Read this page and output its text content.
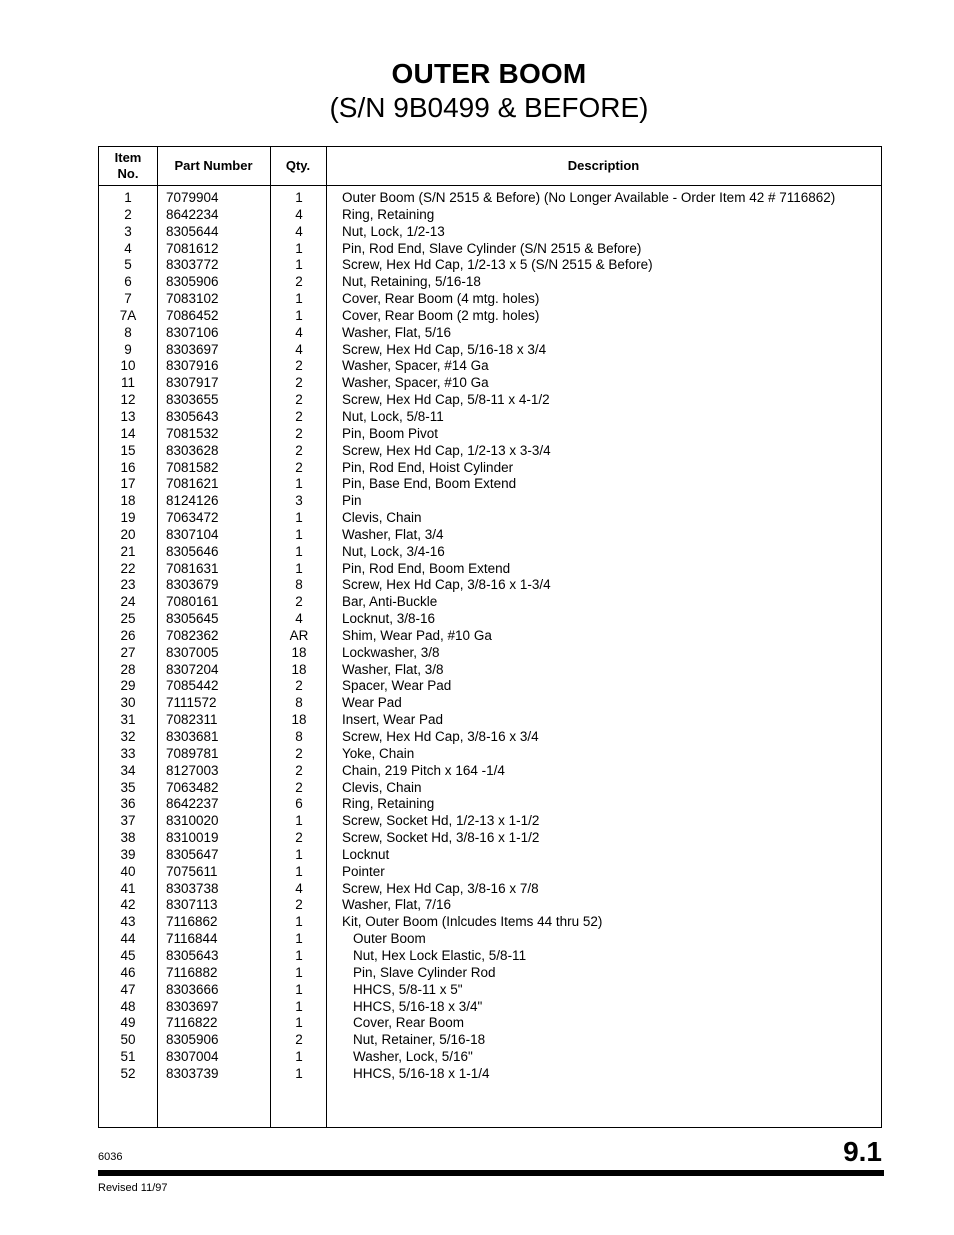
OUTER BOOM
(S/N 9B0499 & BEFORE)
Item
No.
Part Number	Qty.	Description
1	7079904	1	Outer Boom (S/N 2515 & Before) (No Longer Available - Order Item 42 # 7116862)
2	8642234	4	Ring, Retaining
3	8305644	4	Nut, Lock, 1/2-13
4	7081612	1	Pin, Rod End, Slave Cylinder (S/N 2515 & Before)
5	8303772	1	Screw, Hex Hd Cap, 1/2-13 x 5 (S/N 2515 & Before)
6	8305906	2	Nut, Retaining, 5/16-18
7	7083102	1	Cover, Rear Boom (4 mtg. holes)
7A	7086452	1	Cover, Rear Boom (2 mtg. holes)
8	8307106	4	Washer, Flat, 5/16
9	8303697	4	Screw, Hex Hd Cap, 5/16-18 x 3/4
10	8307916	2	Washer, Spacer, #14 Ga
11	8307917	2	Washer, Spacer, #10 Ga
12	8303655	2	Screw, Hex Hd Cap, 5/8-11 x 4-1/2
13	8305643	2	Nut, Lock, 5/8-11
14	7081532	2	Pin, Boom Pivot
15	8303628	2	Screw, Hex Hd Cap, 1/2-13 x 3-3/4
16	7081582	2	Pin, Rod End, Hoist Cylinder
17	7081621	1	Pin, Base End, Boom Extend
18	8124126	3	Pin
19	7063472	1	Clevis, Chain
20	8307104	1	Washer, Flat, 3/4
21	8305646	1	Nut, Lock, 3/4-16
22	7081631	1	Pin, Rod End, Boom Extend
23	8303679	8	Screw, Hex Hd Cap, 3/8-16 x 1-3/4
24	7080161	2	Bar, Anti-Buckle
25	8305645	4	Locknut, 3/8-16
26	7082362	AR	Shim, Wear Pad, #10 Ga
27	8307005	18	Lockwasher, 3/8
28	8307204	18	Washer, Flat, 3/8
29	7085442	2	Spacer, Wear Pad
30	7111572	8	Wear Pad
31	7082311	18	Insert, Wear Pad
32	8303681	8	Screw, Hex Hd Cap, 3/8-16 x 3/4
33	7089781	2	Yoke, Chain
34	8127003	2	Chain, 219 Pitch x 164 -1/4
35	7063482	2	Clevis, Chain
36	8642237	6	Ring, Retaining
37	8310020	1	Screw, Socket Hd, 1/2-13 x 1-1/2
38	8310019	2	Screw, Socket Hd, 3/8-16 x 1-1/2
39	8305647	1	Locknut
40	7075611	1	Pointer
41	8303738	4	Screw, Hex Hd Cap, 3/8-16 x 7/8
42	8307113	2	Washer, Flat, 7/16
43	7116862	1	Kit, Outer Boom (Inlcudes Items 44 thru 52)
44	7116844	1	Outer Boom
45	8305643	1	Nut, Hex Lock Elastic, 5/8-11
46	7116882	1	Pin, Slave Cylinder Rod
47	8303666	1	HHCS, 5/8-11 x 5"
48	8303697	1	HHCS, 5/16-18 x 3/4"
49	7116822	1	Cover, Rear Boom
50	8305906	2	Nut, Retainer, 5/16-18
51	8307004	1	Washer, Lock, 5/16"
52	8303739	1	HHCS, 5/16-18 x 1-1/4
6036	9.1
Revised 11/97
